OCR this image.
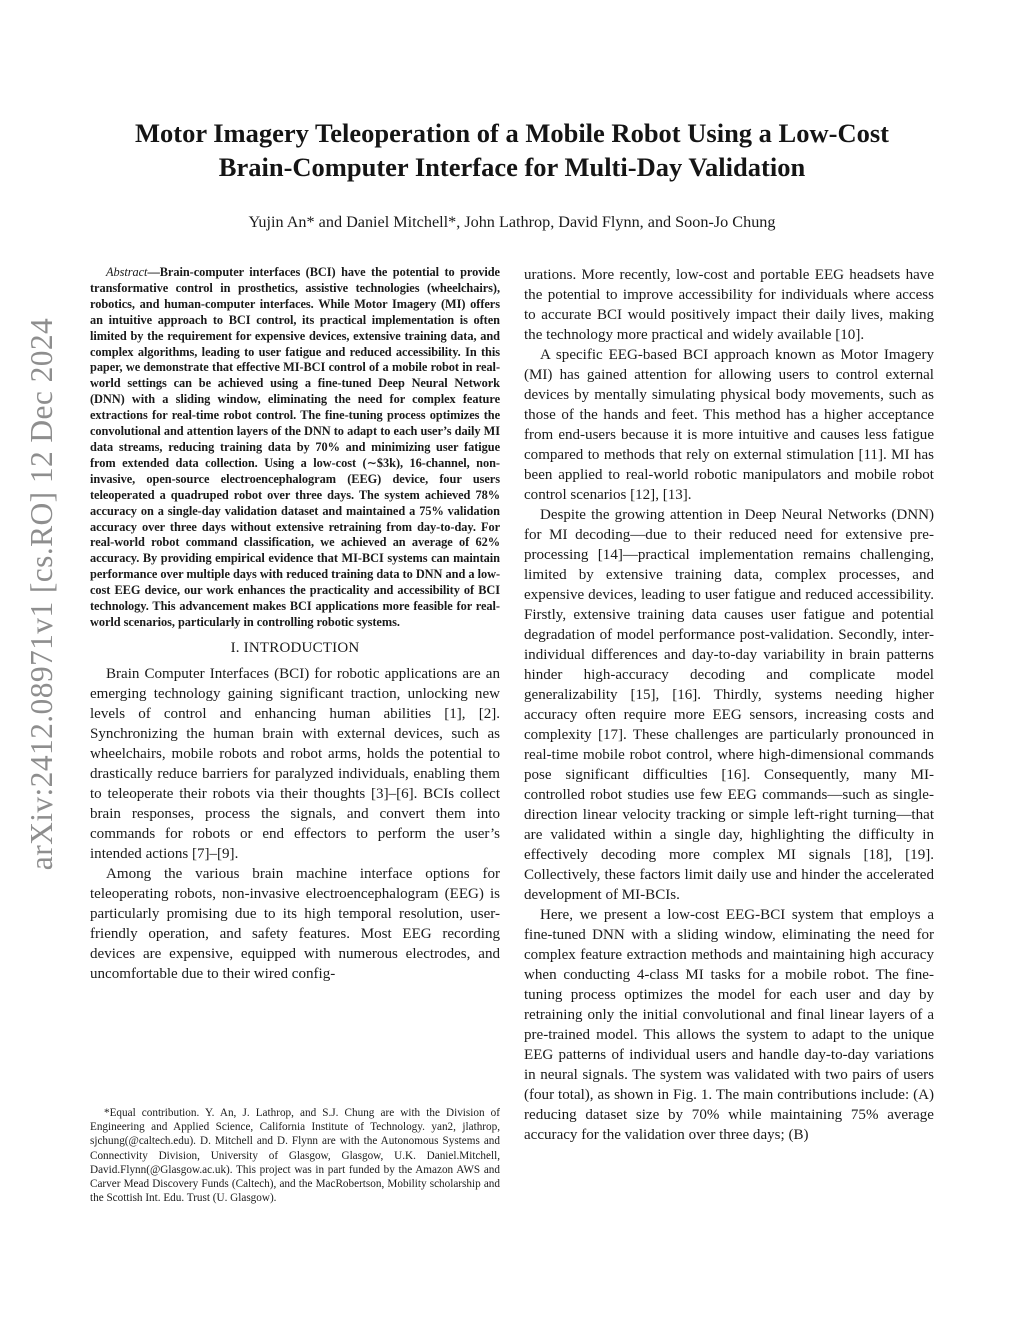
arXiv:2412.08971v1 [cs.RO] 12 Dec 2024
Motor Imagery Teleoperation of a Mobile Robot Using a Low-Cost
Brain-Computer Interface for Multi-Day Validation
Yujin An* and Daniel Mitchell*, John Lathrop, David Flynn, and Soon-Jo Chung

Abstract—Brain-computer interfaces (BCI) have the potential to provide transformative control in prosthetics, assistive technologies (wheelchairs), robotics, and human-computer interfaces. While Motor Imagery (MI) offers an intuitive approach to BCI control, its practical implementation is often limited by the requirement for expensive devices, extensive training data, and complex algorithms, leading to user fatigue and reduced accessibility. In this paper, we demonstrate that effective MI-BCI control of a mobile robot in real-world settings can be achieved using a fine-tuned Deep Neural Network (DNN) with a sliding window, eliminating the need for complex feature extractions for real-time robot control. The fine-tuning process optimizes the convolutional and attention layers of the DNN to adapt to each user’s daily MI data streams, reducing training data by 70% and minimizing user fatigue from extended data collection. Using a low-cost (∼$3k), 16-channel, non-invasive, open-source electroencephalogram (EEG) device, four users teleoperated a quadruped robot over three days. The system achieved 78% accuracy on a single-day validation dataset and maintained a 75% validation accuracy over three days without extensive retraining from day-to-day. For real-world robot command classification, we achieved an average of 62% accuracy. By providing empirical evidence that MI-BCI systems can maintain performance over multiple days with reduced training data to DNN and a low-cost EEG device, our work enhances the practicality and accessibility of BCI technology. This advancement makes BCI applications more feasible for real-world scenarios, particularly in controlling robotic systems.

I. INTRODUCTION

Brain Computer Interfaces (BCI) for robotic applications are an emerging technology gaining significant traction, unlocking new levels of control and enhancing human abilities [1], [2]. Synchronizing the human brain with external devices, such as wheelchairs, mobile robots and robot arms, holds the potential to drastically reduce barriers for paralyzed individuals, enabling them to teleoperate their robots via their thoughts [3]–[6]. BCIs collect brain responses, process the signals, and convert them into commands for robots or end effectors to perform the user’s intended actions [7]–[9].

Among the various brain machine interface options for teleoperating robots, non-invasive electroencephalogram (EEG) is particularly promising due to its high temporal resolution, user-friendly operation, and safety features. Most EEG recording devices are expensive, equipped with numerous electrodes, and uncomfortable due to their wired config-

urations. More recently, low-cost and portable EEG headsets have the potential to improve accessibility for individuals where access to accurate BCI would positively impact their daily lives, making the technology more practical and widely available [10].

A specific EEG-based BCI approach known as Motor Imagery (MI) has gained attention for allowing users to control external devices by mentally simulating physical body movements, such as those of the hands and feet. This method has a higher acceptance from end-users because it is more intuitive and causes less fatigue compared to methods that rely on external stimulation [11]. MI has been applied to real-world robotic manipulators and mobile robot control scenarios [12], [13].

Despite the growing attention in Deep Neural Networks (DNN) for MI decoding—due to their reduced need for extensive pre-processing [14]—practical implementation remains challenging, limited by extensive training data, complex processes, and expensive devices, leading to user fatigue and reduced accessibility. Firstly, extensive training data causes user fatigue and potential degradation of model performance post-validation. Secondly, inter-individual differences and day-to-day variability in brain patterns hinder high-accuracy decoding and complicate model generalizability [15], [16]. Thirdly, systems needing higher accuracy often require more EEG sensors, increasing costs and complexity [17]. These challenges are particularly pronounced in real-time mobile robot control, where high-dimensional commands pose significant difficulties [16]. Consequently, many MI-controlled robot studies use few EEG commands—such as single-direction linear velocity tracking or simple left-right turning—that are validated within a single day, highlighting the difficulty in effectively decoding more complex MI signals [18], [19]. Collectively, these factors limit daily use and hinder the accelerated development of MI-BCIs.

Here, we present a low-cost EEG-BCI system that employs a fine-tuned DNN with a sliding window, eliminating the need for complex feature extraction methods and maintaining high accuracy when conducting 4-class MI tasks for a mobile robot. The fine-tuning process optimizes the model for each user and day by retraining only the initial convolutional and final linear layers of a pre-trained model. This allows the system to adapt to the unique EEG patterns of individual users and handle day-to-day variations in neural signals. The system was validated with two pairs of users (four total), as shown in Fig. 1. The main contributions include: (A) reducing dataset size by 70% while maintaining 75% average accuracy for the validation over three days; (B)

*Equal contribution. Y. An, J. Lathrop, and S.J. Chung are with the Division of Engineering and Applied Science, California Institute of Technology. yan2, jlathrop, sjchung(@caltech.edu). D. Mitchell and D. Flynn are with the Autonomous Systems and Connectivity Division, University of Glasgow, Glasgow, U.K. Daniel.Mitchell, David.Flynn(@Glasgow.ac.uk). This project was in part funded by the Amazon AWS and Carver Mead Discovery Funds (Caltech), and the MacRobertson, Mobility scholarship and the Scottish Int. Edu. Trust (U. Glasgow).
